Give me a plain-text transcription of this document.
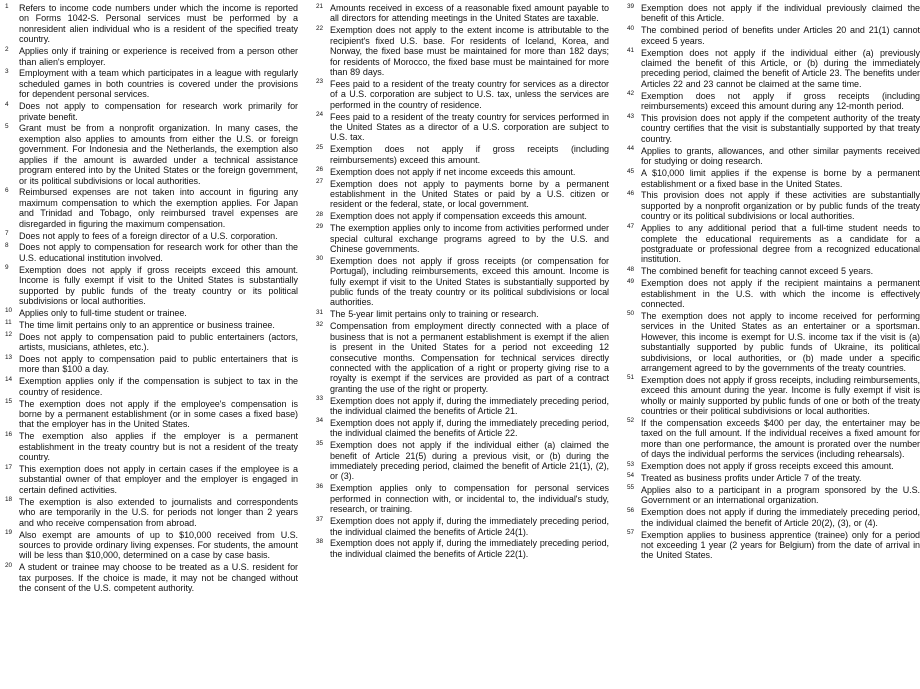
1 Refers to income code numbers under which the income is reported on Forms 1042-S. Personal services must be performed by a nonresident alien individual who is a resident of the specified treaty country.
2 Applies only if training or experience is received from a person other than alien's employer.
3 Employment with a team which participates in a league with regularly scheduled games in both countries is covered under the provisions for dependent personal services.
4 Does not apply to compensation for research work primarily for private benefit.
5 Grant must be from a nonprofit organization. In many cases, the exemption also applies to amounts from either the U.S. or foreign government. For Indonesia and the Netherlands, the exemption also applies if the amount is awarded under a technical assistance program entered into by the United States or the foreign government, or its political subdivisions or local authorities.
6 Reimbursed expenses are not taken into account in figuring any maximum compensation to which the exemption applies. For Japan and Trinidad and Tobago, only reimbursed travel expenses are disregarded in figuring the maximum compensation.
7 Does not apply to fees of a foreign director of a U.S. corporation.
8 Does not apply to compensation for research work for other than the U.S. educational institution involved.
9 Exemption does not apply if gross receipts exceed this amount. Income is fully exempt if visit to the United States is substantially supported by public funds of the treaty country or its political subdivisions or local authorities.
10 Applies only to full-time student or trainee.
11 The time limit pertains only to an apprentice or business trainee.
12 Does not apply to compensation paid to public entertainers (actors, artists, musicians, athletes, etc.).
13 Does not apply to compensation paid to public entertainers that is more than $100 a day.
14 Exemption applies only if the compensation is subject to tax in the country of residence.
15 The exemption does not apply if the employee's compensation is borne by a permanent establishment (or in some cases a fixed base) that the employer has in the United States.
16 The exemption also applies if the employer is a permanent establishment in the treaty country but is not a resident of the treaty country.
17 This exemption does not apply in certain cases if the employee is a substantial owner of that employer and the employer is engaged in certain defined activities.
18 The exemption is also extended to journalists and correspondents who are temporarily in the U.S. for periods not longer than 2 years and who receive compensation from abroad.
19 Also exempt are amounts of up to $10,000 received from U.S. sources to provide ordinary living expenses. For students, the amount will be less than $10,000, determined on a case by case basis.
20 A student or trainee may choose to be treated as a U.S. resident for tax purposes. If the choice is made, it may not be changed without the consent of the U.S. competent authority.
21 Amounts received in excess of a reasonable fixed amount payable to all directors for attending meetings in the United States are taxable.
22 Exemption does not apply to the extent income is attributable to the recipient's fixed U.S. base. For residents of Iceland, Korea, and Norway, the fixed base must be maintained for more than 182 days; for residents of Morocco, the fixed base must be maintained for more than 89 days.
23 Fees paid to a resident of the treaty country for services as a director of a U.S. corporation are subject to U.S. tax, unless the services are performed in the country of residence.
24 Fees paid to a resident of the treaty country for services performed in the United States as a director of a U.S. corporation are subject to U.S. tax.
25 Exemption does not apply if gross receipts (including reimbursements) exceed this amount.
26 Exemption does not apply if net income exceeds this amount.
27 Exemption does not apply to payments borne by a permanent establishment in the United States or paid by a U.S. citizen or resident or the federal, state, or local government.
28 Exemption does not apply if compensation exceeds this amount.
29 The exemption applies only to income from activities performed under special cultural exchange programs agreed to by the U.S. and Chinese governments.
30 Exemption does not apply if gross receipts (or compensation for Portugal), including reimbursements, exceed this amount. Income is fully exempt if visit to the United States is substantially supported by public funds of the treaty country or its political subdivisions or local authorities.
31 The 5-year limit pertains only to training or research.
32 Compensation from employment directly connected with a place of business that is not a permanent establishment is exempt if the alien is present in the United States for a period not exceeding 12 consecutive months. Compensation for technical services directly connected with the application of a right or property giving rise to a royalty is exempt if the services are provided as part of a contract granting the use of the right or property.
33 Exemption does not apply if, during the immediately preceding period, the individual claimed the benefits of Article 21.
34 Exemption does not apply if, during the immediately preceding period, the individual claimed the benefits of Article 22.
35 Exemption does not apply if the individual either (a) claimed the benefit of Article 21(5) during a previous visit, or (b) during the immediately preceding period, claimed the benefit of Article 21(1), (2), or (3).
36 Exemption applies only to compensation for personal services performed in connection with, or incidental to, the individual's study, research, or training.
37 Exemption does not apply if, during the immediately preceding period, the individual claimed the benefits of Article 24(1).
38 Exemption does not apply if, during the immediately preceding period, the individual claimed the benefits of Article 22(1).
39 Exemption does not apply if the individual previously claimed the benefit of this Article.
40 The combined period of benefits under Articles 20 and 21(1) cannot exceed 5 years.
41 Exemption does not apply if the individual either (a) previously claimed the benefit of this Article, or (b) during the immediately preceding period, claimed the benefit of Article 23. The benefits under Articles 22 and 23 cannot be claimed at the same time.
42 Exemption does not apply if gross receipts (including reimbursements) exceed this amount during any 12-month period.
43 This provision does not apply if the competent authority of the treaty country certifies that the visit is substantially supported by that treaty country.
44 Applies to grants, allowances, and other similar payments received for studying or doing research.
45 A $10,000 limit applies if the expense is borne by a permanent establishment or a fixed base in the United States.
46 This provision does not apply if these activities are substantially supported by a nonprofit organization or by public funds of the treaty country or its political subdivisions or local authorities.
47 Applies to any additional period that a full-time student needs to complete the educational requirements as a candidate for a postgraduate or professional degree from a recognized educational institution.
48 The combined benefit for teaching cannot exceed 5 years.
49 Exemption does not apply if the recipient maintains a permanent establishment in the U.S. with which the income is effectively connected.
50 The exemption does not apply to income received for performing services in the United States as an entertainer or a sportsman. However, this income is exempt for U.S. income tax if the visit is (a) substantially supported by public funds of Ukraine, its political subdivisions, or local authorities, or (b) made under a specific arrangement agreed to by the governments of the treaty countries.
51 Exemption does not apply if gross receipts, including reimbursements, exceed this amount during the year. Income is fully exempt if visit is wholly or mainly supported by public funds of one or both of the treaty countries or their political subdivisions or local authorities.
52 If the compensation exceeds $400 per day, the entertainer may be taxed on the full amount. If the individual receives a fixed amount for more than one performance, the amount is prorated over the number of days the individual performs the services (including rehearsals).
53 Exemption does not apply if gross receipts exceed this amount.
54 Treated as business profits under Article 7 of the treaty.
55 Applies also to a participant in a program sponsored by the U.S. Government or an international organization.
56 Exemption does not apply if during the immediately preceding period, the individual claimed the benefit of Article 20(2), (3), or (4).
57 Exemption applies to business apprentice (trainee) only for a period not exceeding 1 year (2 years for Belgium) from the date of arrival in the United States.
